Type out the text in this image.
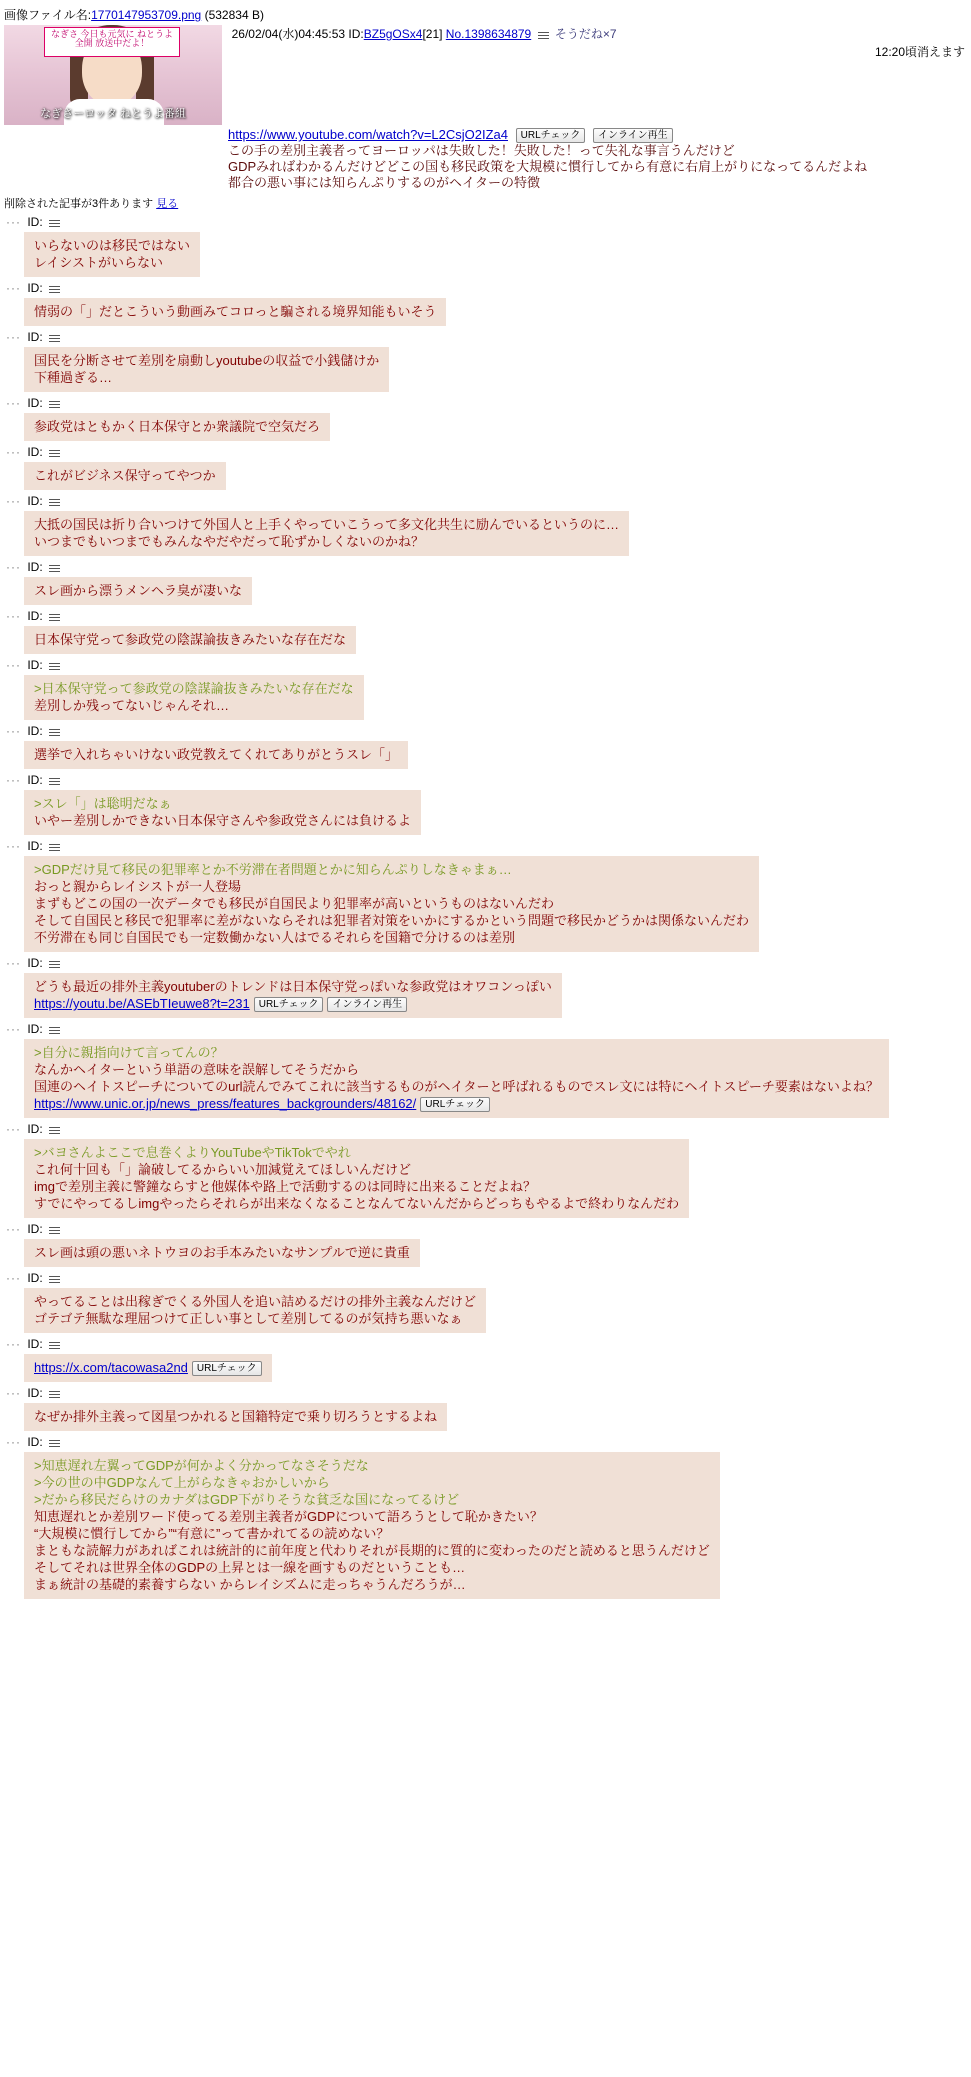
画像ファイル名:1770147953709.png (532834 B)
なぎさ 今日も元気に ねとうよ全開 放送中だよ！
なぎさーロッタ ねとうよ番組
26/02/04(水)04:45:53 ID:BZ5gOSx4[21] No.1398634879 そうだね×7
12:20頃消えます
https://www.youtube.com/watch?v=L2CsjO2IZa4 URLチェック インライン再生
この手の差別主義者ってヨーロッパは失敗した！失敗した！って失礼な事言うんだけど
GDPみればわかるんだけどどこの国も移民政策を大規模に慣行してから有意に右肩上がりになってるんだよね
都合の悪い事には知らんぷりするのがヘイターの特徴
削除された記事が3件あります 見る
··· ID:
いらないのは移民ではない
レイシストがいらない
··· ID:
情弱の「」だとこういう動画みてコロっと騙される境界知能もいそう
··· ID:
国民を分断させて差別を扇動しyoutubeの収益で小銭儲けか
下種過ぎる…
··· ID:
参政党はともかく日本保守とか衆議院で空気だろ
··· ID:
これがビジネス保守ってやつか
··· ID:
大抵の国民は折り合いつけて外国人と上手くやっていこうって多文化共生に励んでいるというのに…
いつまでもいつまでもみんなやだやだって恥ずかしくないのかね？
··· ID:
スレ画から漂うメンヘラ臭が凄いな
··· ID:
日本保守党って参政党の陰謀論抜きみたいな存在だな
··· ID:
>日本保守党って参政党の陰謀論抜きみたいな存在だな
差別しか残ってないじゃんそれ…
··· ID:
選挙で入れちゃいけない政党教えてくれてありがとうスレ「」
··· ID:
>スレ「」は聡明だなぁ
いやー差別しかできない日本保守さんや参政党さんには負けるよ
··· ID:
>GDPだけ見て移民の犯罪率とか不労滞在者問題とかに知らんぷりしなきゃまぁ…
おっと親からレイシストが一人登場
まずもどこの国の一次データでも移民が自国民より犯罪率が高いというものはないんだわ
そして自国民と移民で犯罪率に差がないならそれは犯罪者対策をいかにするかという問題で移民かどうかは関係ないんだわ
不労滞在も同じ自国民でも一定数働かない人はでるそれらを国籍で分けるのは差別
··· ID:
どうも最近の排外主義youtuberのトレンドは日本保守党っぽいな参政党はオワコンっぽい
https://youtu.be/ASEbTIeuwe8?t=231 URLチェック インライン再生
··· ID:
>自分に親指向けて言ってんの？
なんかヘイターという単語の意味を誤解してそうだから
国連のヘイトスピーチについてのurl読んでみてこれに該当するものがヘイターと呼ばれるものでスレ文には特にヘイトスピーチ要素はないよね？
https://www.unic.or.jp/news_press/features_backgrounders/48162/ URLチェック
··· ID:
>バヨさんよここで息巻くよりYouTubeやTikTokでやれ
これ何十回も「」論破してるからいい加減覚えてほしいんだけど
imgで差別主義に警鐘ならすと他媒体や路上で活動するのは同時に出来ることだよね？
すでにやってるしimgやったらそれらが出来なくなることなんてないんだからどっちもやるよで終わりなんだわ
··· ID:
スレ画は頭の悪いネトウヨのお手本みたいなサンプルで逆に貴重
··· ID:
やってることは出稼ぎでくる外国人を追い詰めるだけの排外主義なんだけど
ゴテゴテ無駄な理屈つけて正しい事として差別してるのが気持ち悪いなぁ
··· ID:
https://x.com/tacowasa2nd URLチェック
··· ID:
なぜか排外主義って図星つかれると国籍特定で乗り切ろうとするよね
··· ID:
>知恵遅れ左翼ってGDPが何かよく分かってなさそうだな
>今の世の中GDPなんて上がらなきゃおかしいから
>だから移民だらけのカナダはGDP下がりそうな貧乏な国になってるけど
知恵遅れとか差別ワード使ってる差別主義者がGDPについて語ろうとして恥かきたい？
“大規模に慣行してから”“有意に”って書かれてるの読めない？
まともな読解力があればこれは統計的に前年度と代わりそれが長期的に質的に変わったのだと読めると思うんだけど
そしてそれは世界全体のGDPの上昇とは一線を画すものだということも…
まぁ統計の基礎的素養すらない からレイシズムに走っちゃうんだろうが…
